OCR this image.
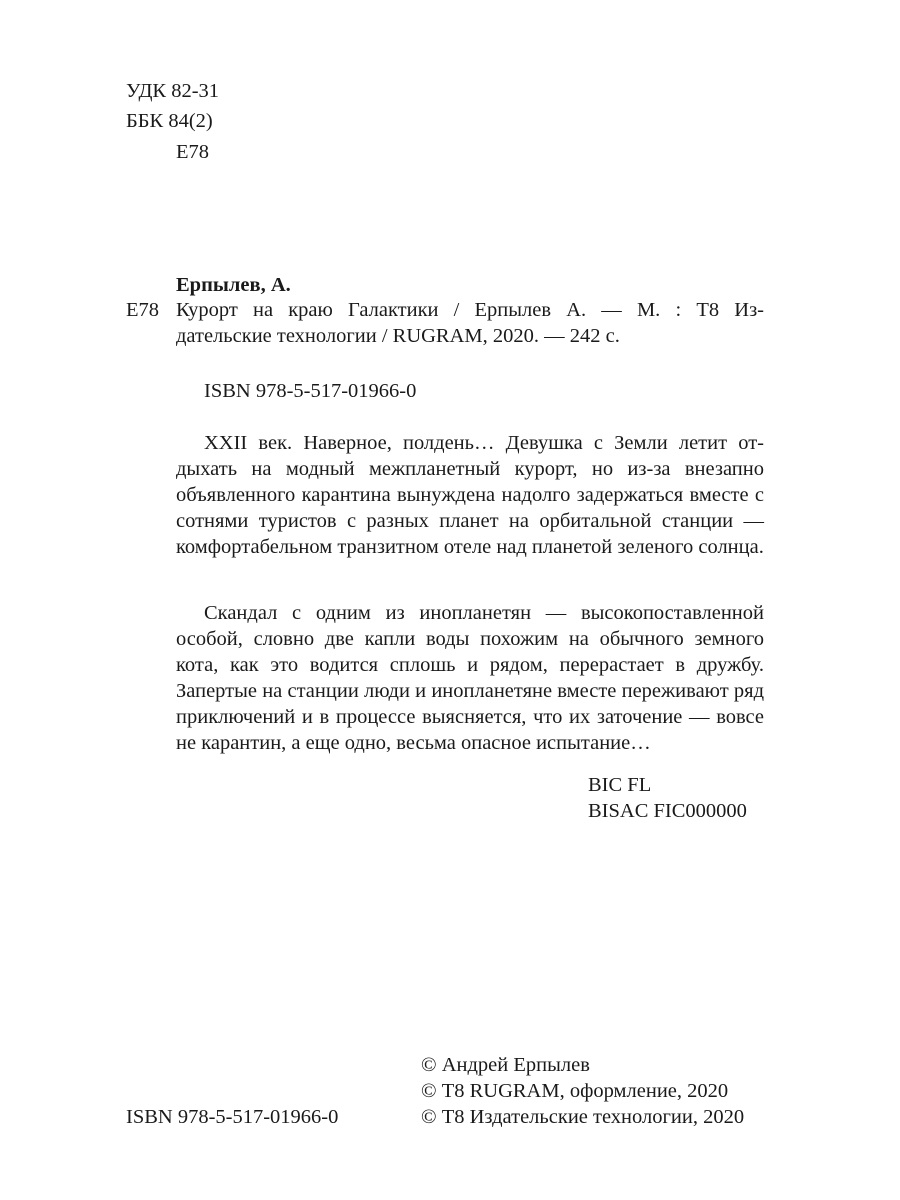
УДК 82-31
ББК 84(2)
Е78
Ерпылев, А.
Е78 Курорт на краю Галактики / Ерпылев А. — М. : Т8 Из-
дательские технологии / RUGRAM, 2020. — 242 с.
ISBN 978-5-517-01966-0
XXII век. Наверное, полдень… Девушка с Земли летит отдыхать на модный межпланетный курорт, но из-за внезапно объявленного карантина вынуждена надолго задержаться вместе с сотнями туристов с разных планет на орбитальной станции — комфортабельном транзитном отеле над планетой зеленого солнца.
Скандал с одним из инопланетян — высокопоставленной особой, словно две капли воды похожим на обычного земного кота, как это водится сплошь и рядом, перерастает в дружбу. Запертые на станции люди и инопланетяне вместе переживают ряд приключений и в процессе выясняется, что их заточение — вовсе не карантин, а еще одно, весьма опасное испытание…
BIC FL
BISAC FIC000000
© Андрей Ерпылев
© Т8 RUGRAM, оформление, 2020
ISBN 978-5-517-01966-0	© Т8 Издательские технологии, 2020
